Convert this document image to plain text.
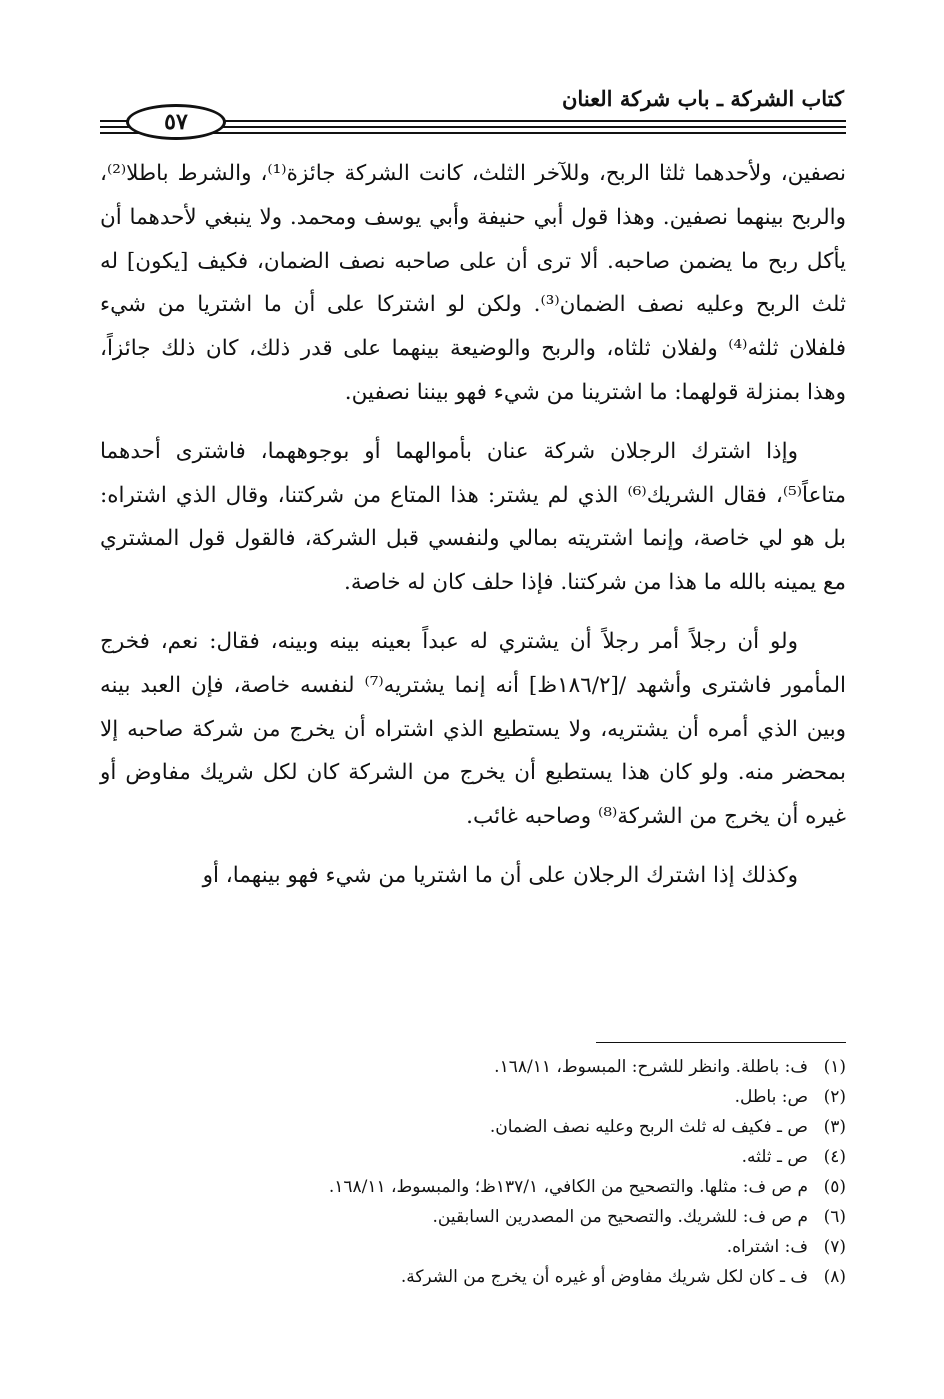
كتاب الشركة ـ باب شركة العنان
٥٧

نصفين، ولأحدهما ثلثا الربح، وللآخر الثلث، كانت الشركة جائزة⁽¹⁾، والشرط باطلا⁽²⁾، والربح بينهما نصفين. وهذا قول أبي حنيفة وأبي يوسف ومحمد. ولا ينبغي لأحدهما أن يأكل ربح ما يضمن صاحبه. ألا ترى أن على صاحبه نصف الضمان، فكيف [يكون] له ثلث الربح وعليه نصف الضمان⁽³⁾. ولكن لو اشتركا على أن ما اشتريا من شيء فلفلان ثلثه⁽⁴⁾ ولفلان ثلثاه، والربح والوضيعة بينهما على قدر ذلك، كان ذلك جائزاً، وهذا بمنزلة قولهما: ما اشترينا من شيء فهو بيننا نصفين.

وإذا اشترك الرجلان شركة عنان بأموالهما أو بوجوههما، فاشترى أحدهما متاعاً⁽⁵⁾، فقال الشريك⁽⁶⁾ الذي لم يشتر: هذا المتاع من شركتنا، وقال الذي اشتراه: بل هو لي خاصة، وإنما اشتريته بمالي ولنفسي قبل الشركة، فالقول قول المشتري مع يمينه بالله ما هذا من شركتنا. فإذا حلف كان له خاصة.

ولو أن رجلاً أمر رجلاً أن يشتري له عبداً بعينه بينه وبينه، فقال: نعم، فخرج المأمور فاشترى وأشهد /[١٨٦/٢ظ] أنه إنما يشتريه⁽⁷⁾ لنفسه خاصة، فإن العبد بينه وبين الذي أمره أن يشتريه، ولا يستطيع الذي اشتراه أن يخرج من شركة صاحبه إلا بمحضر منه. ولو كان هذا يستطيع أن يخرج من الشركة كان لكل شريك مفاوض أو غيره أن يخرج من الشركة⁽⁸⁾ وصاحبه غائب.

وكذلك إذا اشترك الرجلان على أن ما اشتريا من شيء فهو بينهما، أو

(١)
ف: باطلة. وانظر للشرح: المبسوط، ١٦٨/١١.
(٢)
ص: باطل.
(٣)
ص ـ فكيف له ثلث الربح وعليه نصف الضمان.
(٤)
ص ـ ثلثه.
(٥)
م ص ف: مثلها. والتصحيح من الكافي، ١٣٧/١ظ؛ والمبسوط، ١٦٨/١١.
(٦)
م ص ف: للشريك. والتصحيح من المصدرين السابقين.
(٧)
ف: اشتراه.
(٨)
ف ـ كان لكل شريك مفاوض أو غيره أن يخرج من الشركة.
